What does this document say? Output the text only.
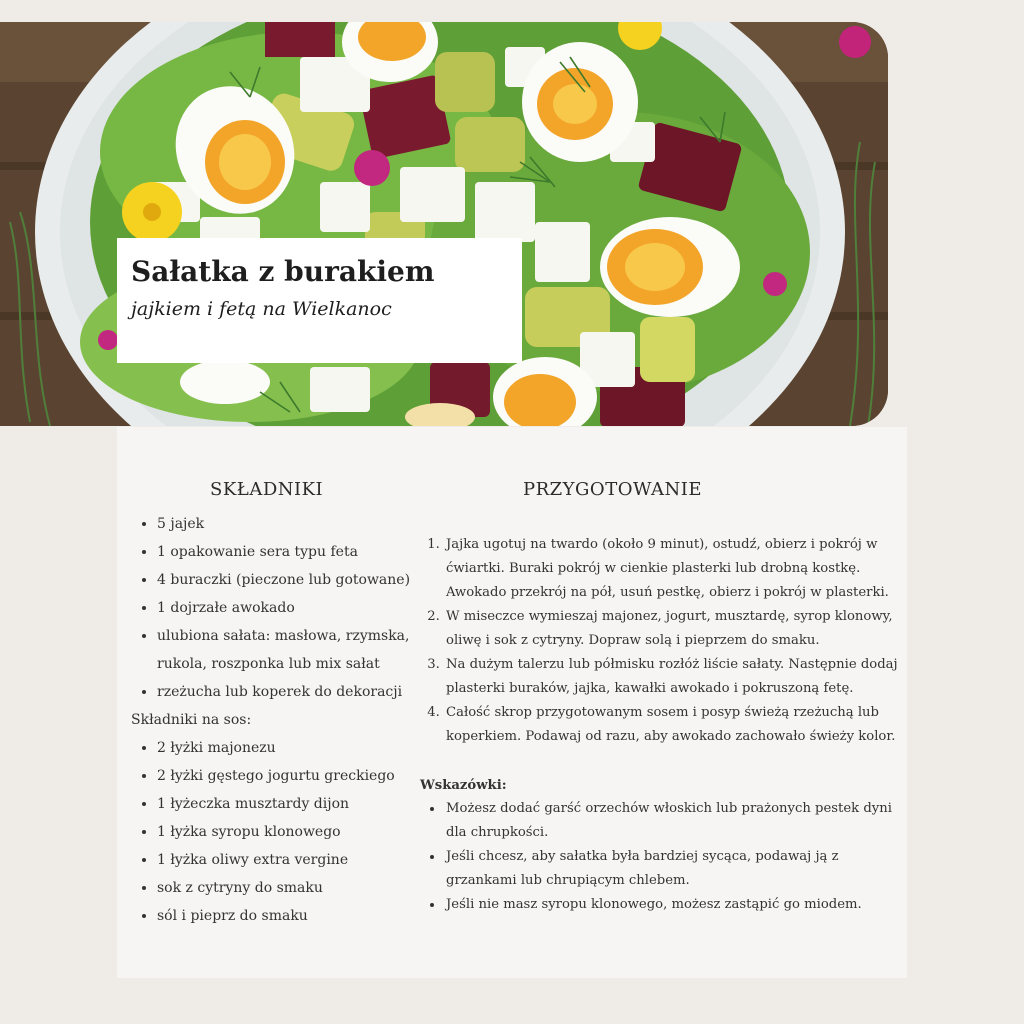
Sałatka z burakiem

jajkiem i fetą na Wielkanoc

SKŁADNIKI	PRZYGOTOWANIE
• 5 jajek
• 1 opakowanie sera typu feta
• 4 buraczki (pieczone lub gotowane)
• 1 dojrzałe awokado
• ulubiona sałata: masłowa, rzymska, rukola, roszponka lub mix sałat
• rzeżucha lub koperek do dekoracji

Składniki na sos:

• 2 łyżki majonezu
• 2 łyżki gęstego jogurtu greckiego
• 1 łyżeczka musztardy dijon
• 1 łyżka syropu klonowego
• 1 łyżka oliwy extra vergine
• sok z cytryny do smaku
• sól i pieprz do smaku
1. Jajka ugotuj na twardo (około 9 minut), ostudź, obierz i pokrój w ćwiartki. Buraki pokrój w cienkie plasterki lub drobną kostkę. Awokado przekrój na pół, usuń pestkę, obierz i pokrój w plasterki.
2. W miseczce wymieszaj majonez, jogurt, musztardę, syrop klonowy, oliwę i sok z cytryny. Dopraw solą i pieprzem do smaku.
3. Na dużym talerzu lub półmisku rozłóż liście sałaty. Następnie dodaj plasterki buraków, jajka, kawałki awokado i pokruszoną fetę.
4. Całość skrop przygotowanym sosem i posyp świeżą rzeżuchą lub koperkiem. Podawaj od razu, aby awokado zachowało świeży kolor.

Wskazówki:

• Możesz dodać garść orzechów włoskich lub prażonych pestek dyni dla chrupkości.
• Jeśli chcesz, aby sałatka była bardziej sycąca, podawaj ją z grzankami lub chrupiącym chlebem.
• Jeśli nie masz syropu klonowego, możesz zastąpić go miodem.
